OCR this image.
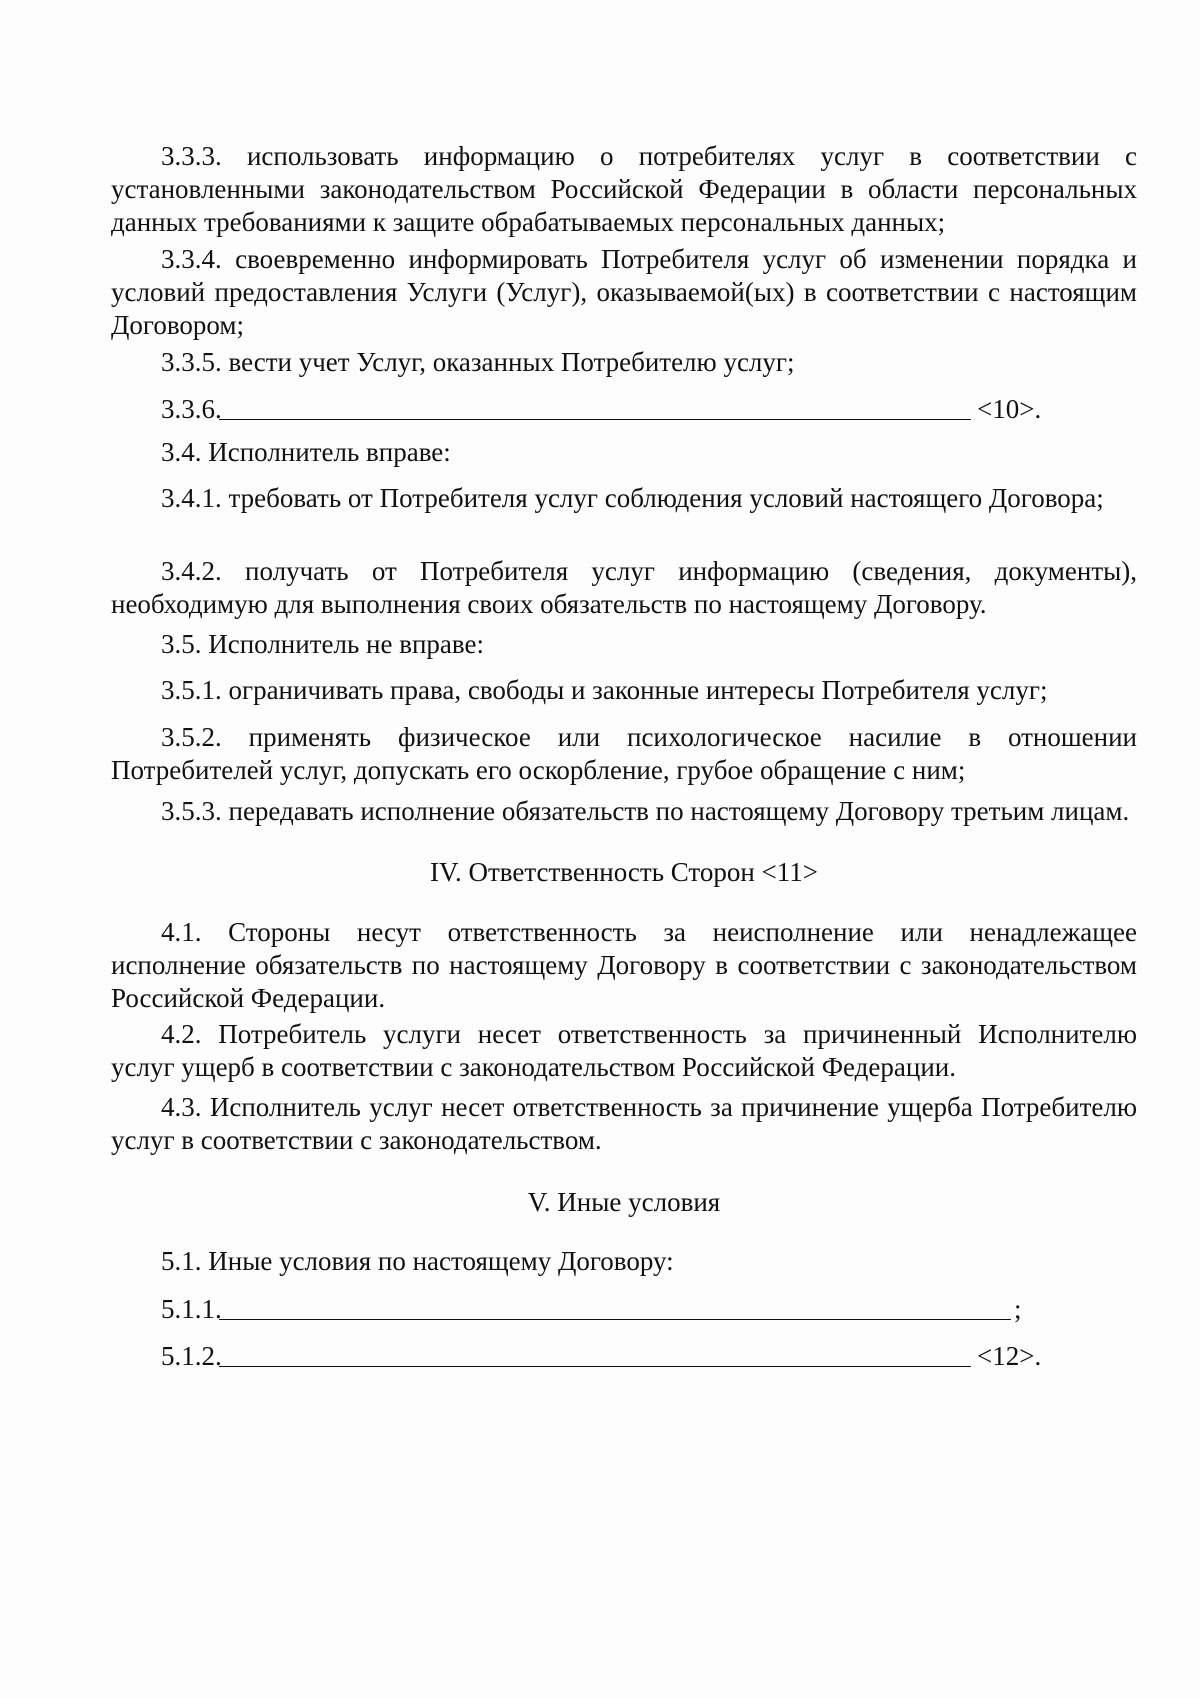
3.3.3. использовать информацию о потребителях услуг в соответствии с установленными законодательством Российской Федерации в области персональных данных требованиями к защите обрабатываемых персональных данных;

3.3.4. своевременно информировать Потребителя услуг об изменении порядка и условий предоставления Услуги (Услуг), оказываемой(ых) в соответствии с настоящим Договором;

3.3.5. вести учет Услуг, оказанных Потребителю услуг;

3.3.6.	<10>.

3.4. Исполнитель вправе:

3.4.1. требовать от Потребителя услуг соблюдения условий настоящего Договора;

3.4.2. получать от Потребителя услуг информацию (сведения, документы), необходимую для выполнения своих обязательств по настоящему Договору.

3.5. Исполнитель не вправе:

3.5.1. ограничивать права, свободы и законные интересы Потребителя услуг;

3.5.2. применять физическое или психологическое насилие в отношении Потребителей услуг, допускать его оскорбление, грубое обращение с ним;

3.5.3. передавать исполнение обязательств по настоящему Договору третьим лицам.

IV. Ответственность Сторон <11>

4.1. Стороны несут ответственность за неисполнение или ненадлежащее исполнение обязательств по настоящему Договору в соответствии с законодательством Российской Федерации.

4.2. Потребитель услуги несет ответственность за причиненный Исполнителю услуг ущерб в соответствии с законодательством Российской Федерации.

4.3. Исполнитель услуг несет ответственность за причинение ущерба Потребителю услуг в соответствии с законодательством.

V. Иные условия

5.1. Иные условия по настоящему Договору:

5.1.1.	;
5.1.2.	<12>.
